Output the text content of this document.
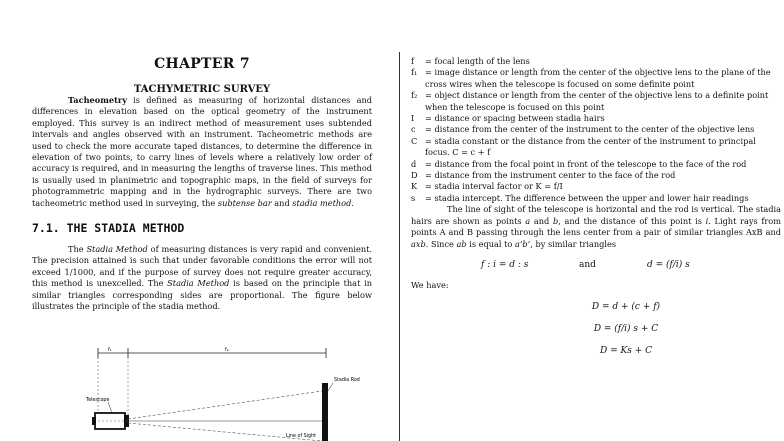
CHAPTER 7
TACHYMETRIC SURVEY

Tacheometry is defined as measuring of horizontal distances and differences in elevation based on the optical geometry of the instrument employed. This survey is an indirect method of measurement uses subtended intervals and angles observed with an instrument. Tacheometric methods are used to check the more accurate taped distances, to determine the difference in elevation of two points, to carry lines of levels where a relatively low order of accuracy is required, and in measuring the lengths of traverse lines. This method is usually used in planimetric and topographic maps, in the field of surveys for photogrammetric mapping and in the hydrographic surveys. There are two tacheometric method used in surveying, the subtense bar and stadia method.

7.1. THE STADIA METHOD

The Stadia Method of measuring distances is very rapid and convenient. The precision attained is such that under favorable conditions the error will not exceed 1/1000, and if the purpose of survey does not require greater accuracy, this method is unexcelled. The Stadia Method is based on the principle that in similar triangles corresponding sides are proportional. The figure below illustrates the principle of the stadia method.

f₁	f₂
Telescope
Stadia Rod
Line of Sight
f	= focal length of the lens
f₁ = image distance or length from the center of the objective lens to the plane of the cross wires when the telescope is focused on some definite point
f₂ = object distance or length from the center of the objective lens to a definite point when the telescope is focused on this point
I	= distance or spacing between stadia hairs
c	= distance from the center of the instrument to the center of the objective lens
C = stadia constant or the distance from the center of the instrument to principal focus. C = c + f
d	= distance from the focal point in front of the telescope to the face of the rod
D = distance from the instrument center to the face of the rod
K = stadia interval factor or K = f/I
s	= stadia intercept. The difference between the upper and lower hair readings

The line of sight of the telescope is horizontal and the rod is vertical. The stadia hairs are shown as points a and b, and the distance of this point is i. Light rays from points A and B passing through the lens center from a pair of similar triangles AxB and axb. Since ab is equal to a’b’, by similar triangles

f : i = d : s	and	d = (f/i) s
We have:
D = d + (c + f)
D = (f/i) s + C
D = Ks + C
